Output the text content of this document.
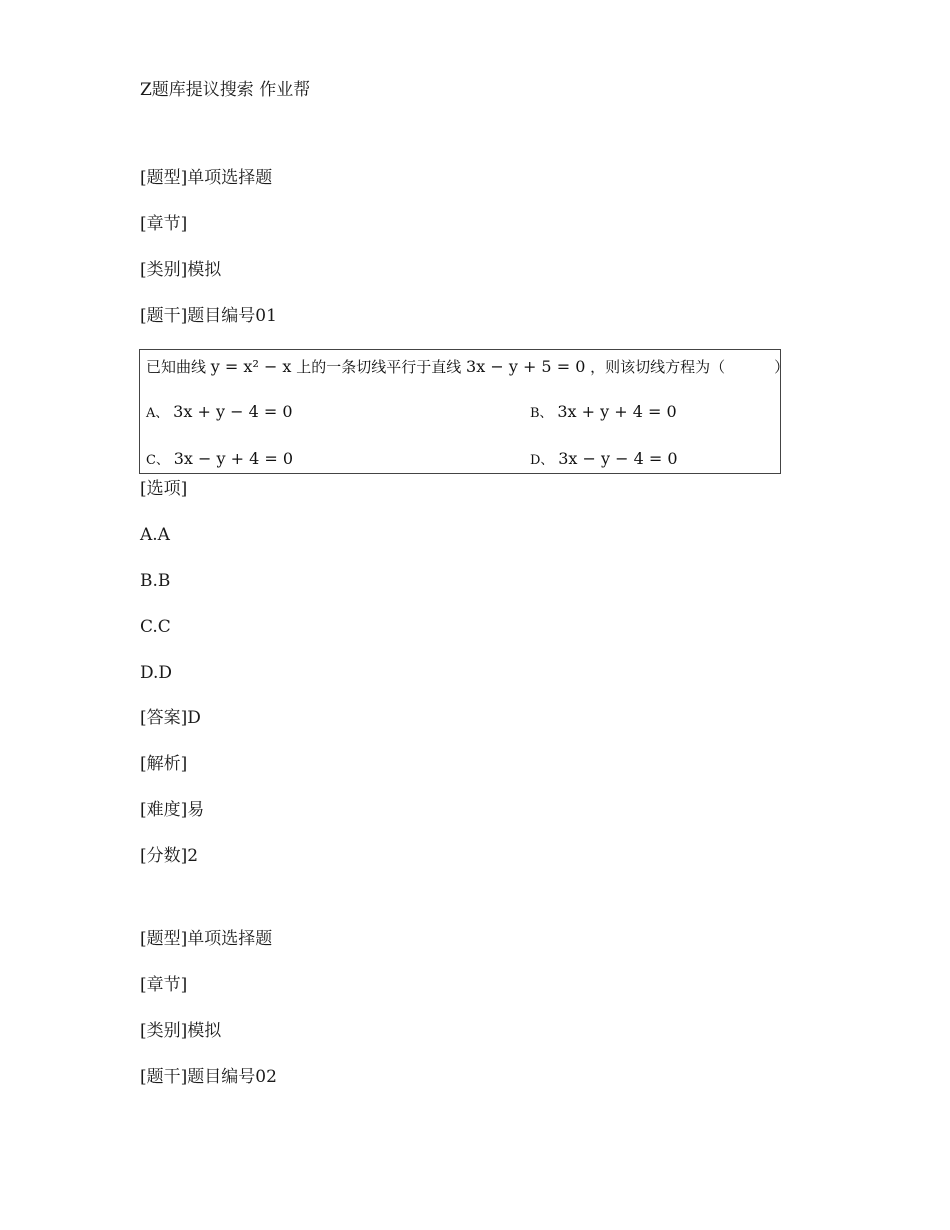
Z题库提议搜索 作业帮
[题型]单项选择题
[章节]
[类别]模拟
[题干]题目编号01
[选项]
A.A
B.B
C.C
D.D
[答案]D
[解析]
[难度]易
[分数]2
[题型]单项选择题
[章节]
[类别]模拟
[题干]题目编号02
已知曲线 y = x² − x 上的一条切线平行于直线 3x − y + 5 = 0 ，则该切线方程为（	）
A、 3x + y − 4 = 0	B、 3x + y + 4 = 0
C、 3x − y + 4 = 0	D、 3x − y − 4 = 0
